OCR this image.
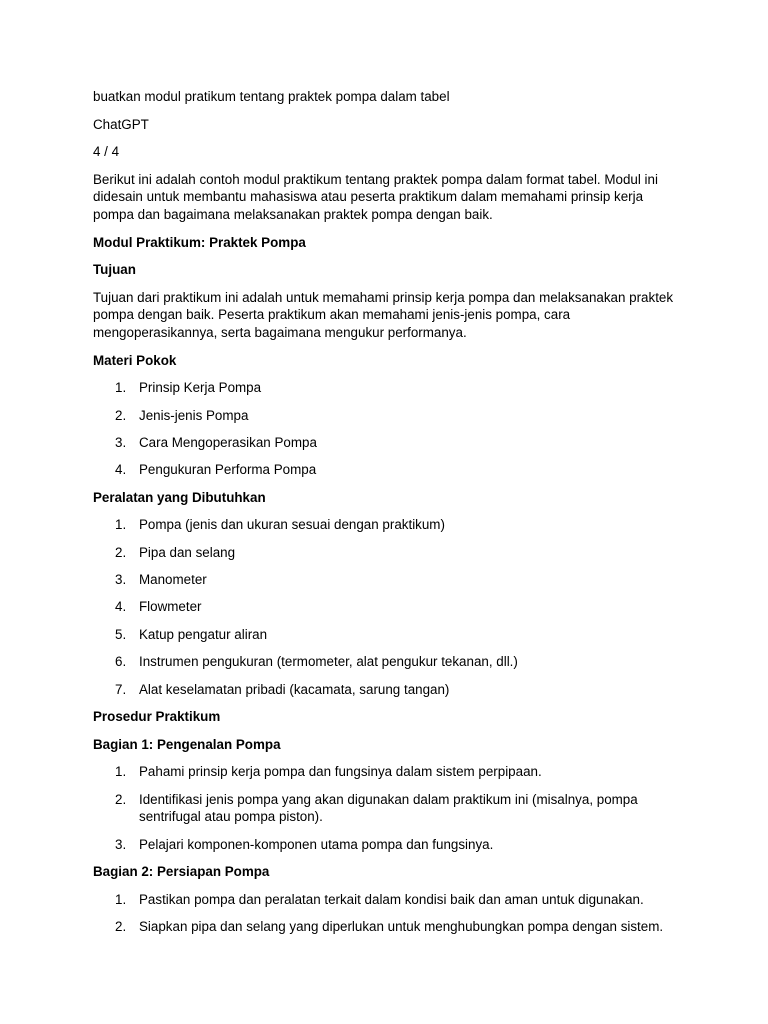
buatkan modul pratikum tentang praktek pompa dalam tabel

ChatGPT

4 / 4

Berikut ini adalah contoh modul praktikum tentang praktek pompa dalam format tabel. Modul ini didesain untuk membantu mahasiswa atau peserta praktikum dalam memahami prinsip kerja pompa dan bagaimana melaksanakan praktek pompa dengan baik.

Modul Praktikum: Praktek Pompa

Tujuan

Tujuan dari praktikum ini adalah untuk memahami prinsip kerja pompa dan melaksanakan praktek pompa dengan baik. Peserta praktikum akan memahami jenis-jenis pompa, cara mengoperasikannya, serta bagaimana mengukur performanya.

Materi Pokok

1. Prinsip Kerja Pompa
2. Jenis-jenis Pompa
3. Cara Mengoperasikan Pompa
4. Pengukuran Performa Pompa

Peralatan yang Dibutuhkan

1. Pompa (jenis dan ukuran sesuai dengan praktikum)
2. Pipa dan selang
3. Manometer
4. Flowmeter
5. Katup pengatur aliran
6. Instrumen pengukuran (termometer, alat pengukur tekanan, dll.)
7. Alat keselamatan pribadi (kacamata, sarung tangan)

Prosedur Praktikum

Bagian 1: Pengenalan Pompa

1. Pahami prinsip kerja pompa dan fungsinya dalam sistem perpipaan.
2. Identifikasi jenis pompa yang akan digunakan dalam praktikum ini (misalnya, pompa sentrifugal atau pompa piston).
3. Pelajari komponen-komponen utama pompa dan fungsinya.

Bagian 2: Persiapan Pompa

1. Pastikan pompa dan peralatan terkait dalam kondisi baik dan aman untuk digunakan.
2. Siapkan pipa dan selang yang diperlukan untuk menghubungkan pompa dengan sistem.
